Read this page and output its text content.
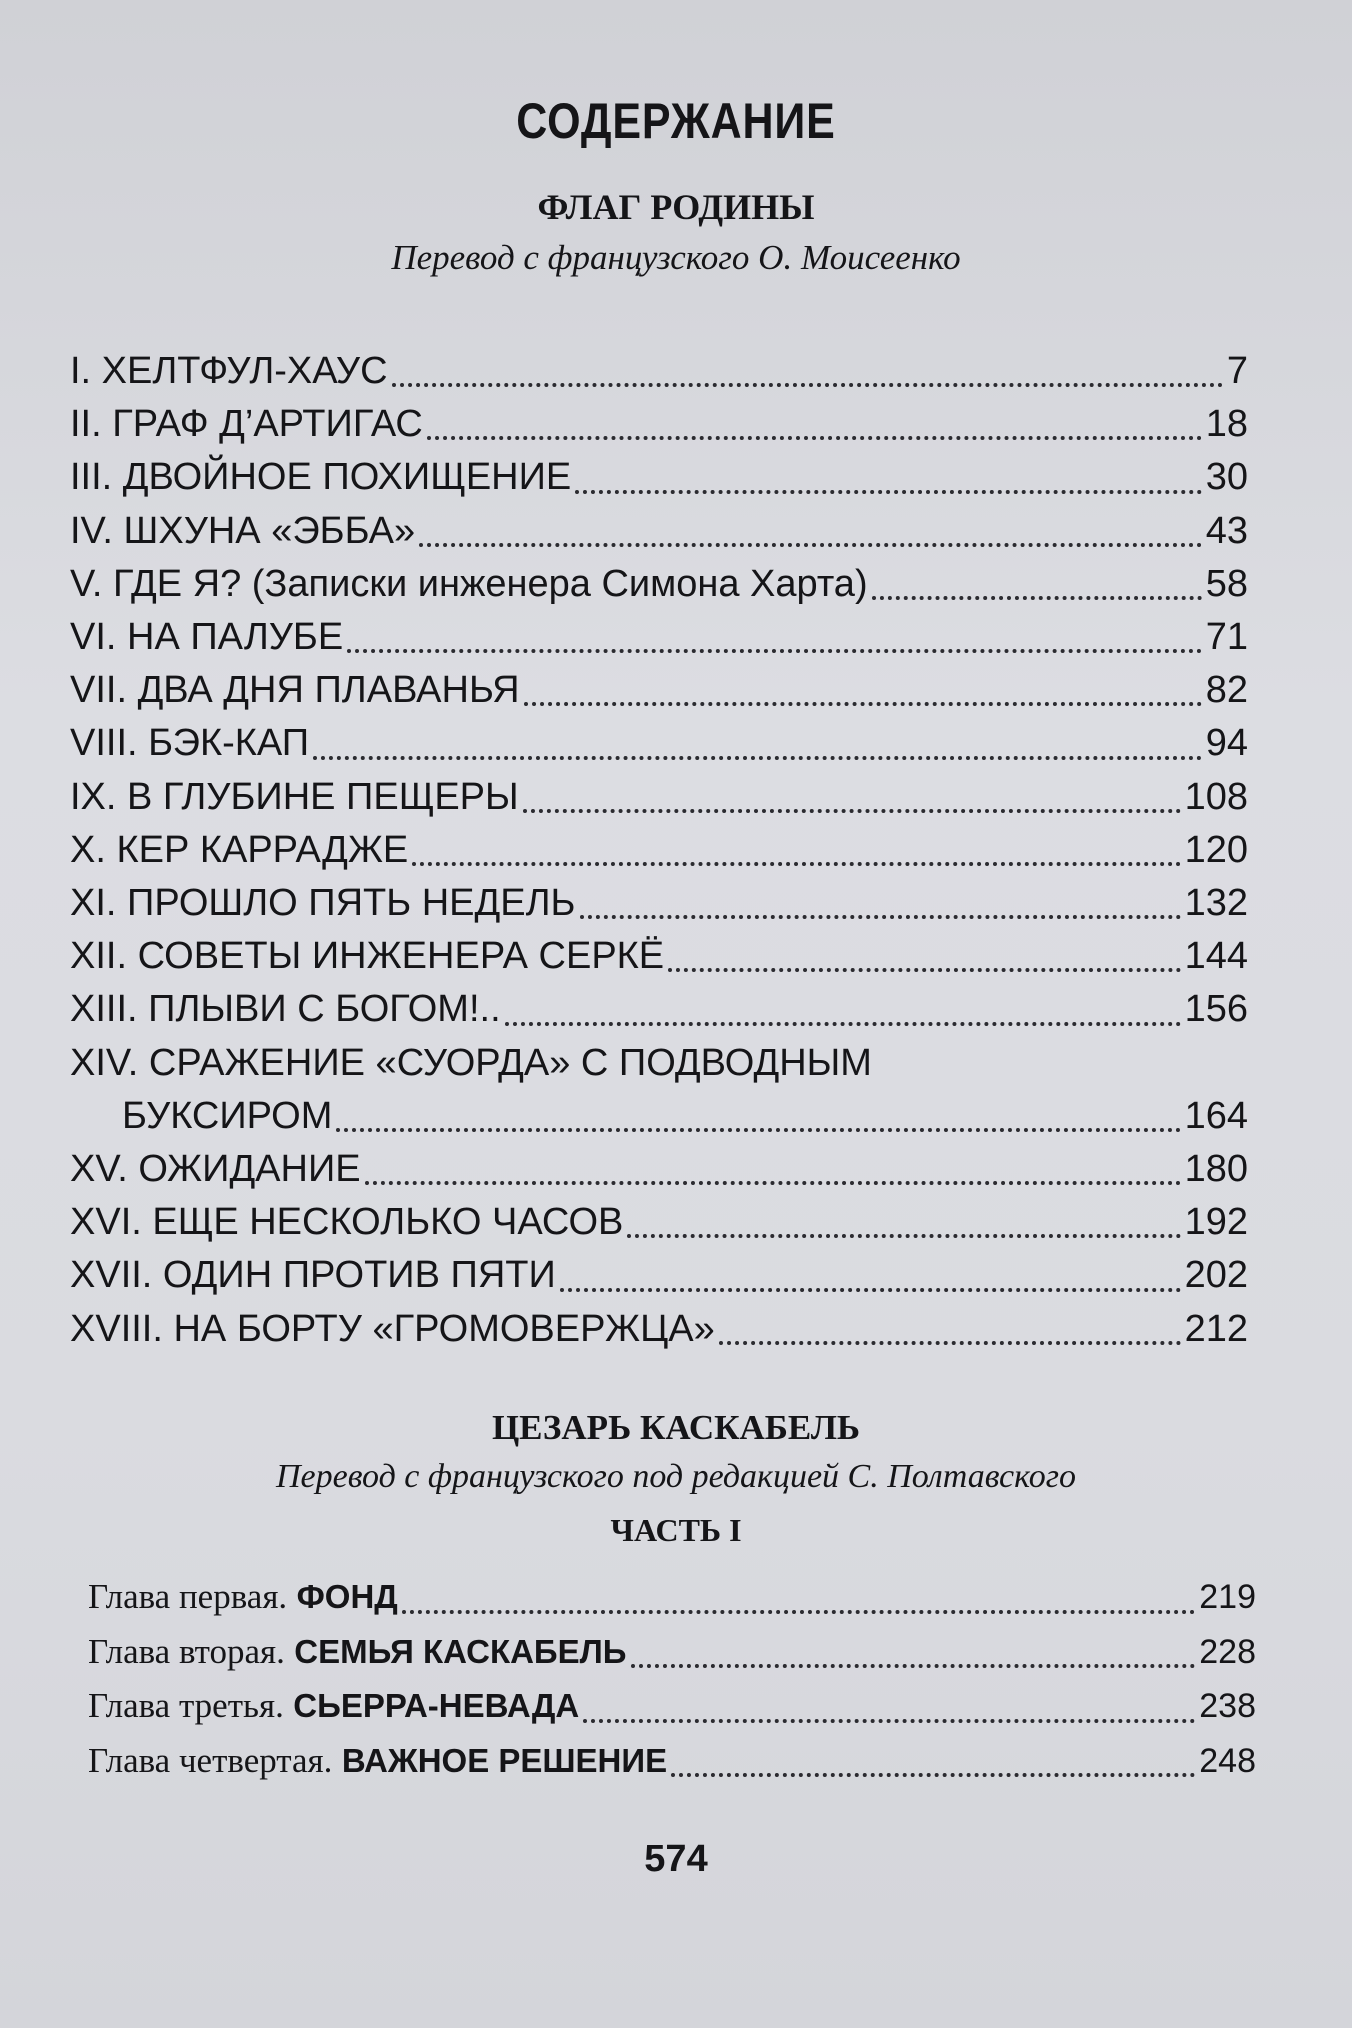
СОДЕРЖАНИЕ
ФЛАГ РОДИНЫ
Перевод с французского О. Моисеенко
I. ХЕЛТФУЛ-ХАУС	7
II. ГРАФ Д’АРТИГАС	18
III. ДВОЙНОЕ ПОХИЩЕНИЕ	30
IV. ШХУНА «ЭББА»	43
V. ГДЕ Я? (Записки инженера Симона Харта)	58
VI. НА ПАЛУБЕ	71
VII. ДВА ДНЯ ПЛАВАНЬЯ	82
VIII. БЭК-КАП	94
IX. В ГЛУБИНЕ ПЕЩЕРЫ	108
X. КЕР КАРРАДЖЕ	120
XI. ПРОШЛО ПЯТЬ НЕДЕЛЬ	132
XII. СОВЕТЫ ИНЖЕНЕРА СЕРКЁ	144
XIII. ПЛЫВИ С БОГОМ!..	156
XIV. СРАЖЕНИЕ «СУОРДА» С ПОДВОДНЫМ
БУКСИРОМ	164
XV. ОЖИДАНИЕ	180
XVI. ЕЩЕ НЕСКОЛЬКО ЧАСОВ	192
XVII. ОДИН ПРОТИВ ПЯТИ	202
XVIII. НА БОРТУ «ГРОМОВЕРЖЦА»	212
ЦЕЗАРЬ КАСКАБЕЛЬ
Перевод с французского под редакцией С. Полтавского
ЧАСТЬ I
Глава первая. ФОНД	219
Глава вторая. СЕМЬЯ КАСКАБЕЛЬ	228
Глава третья. СЬЕРРА-НЕВАДА	238
Глава четвертая. ВАЖНОЕ РЕШЕНИЕ	248
574
